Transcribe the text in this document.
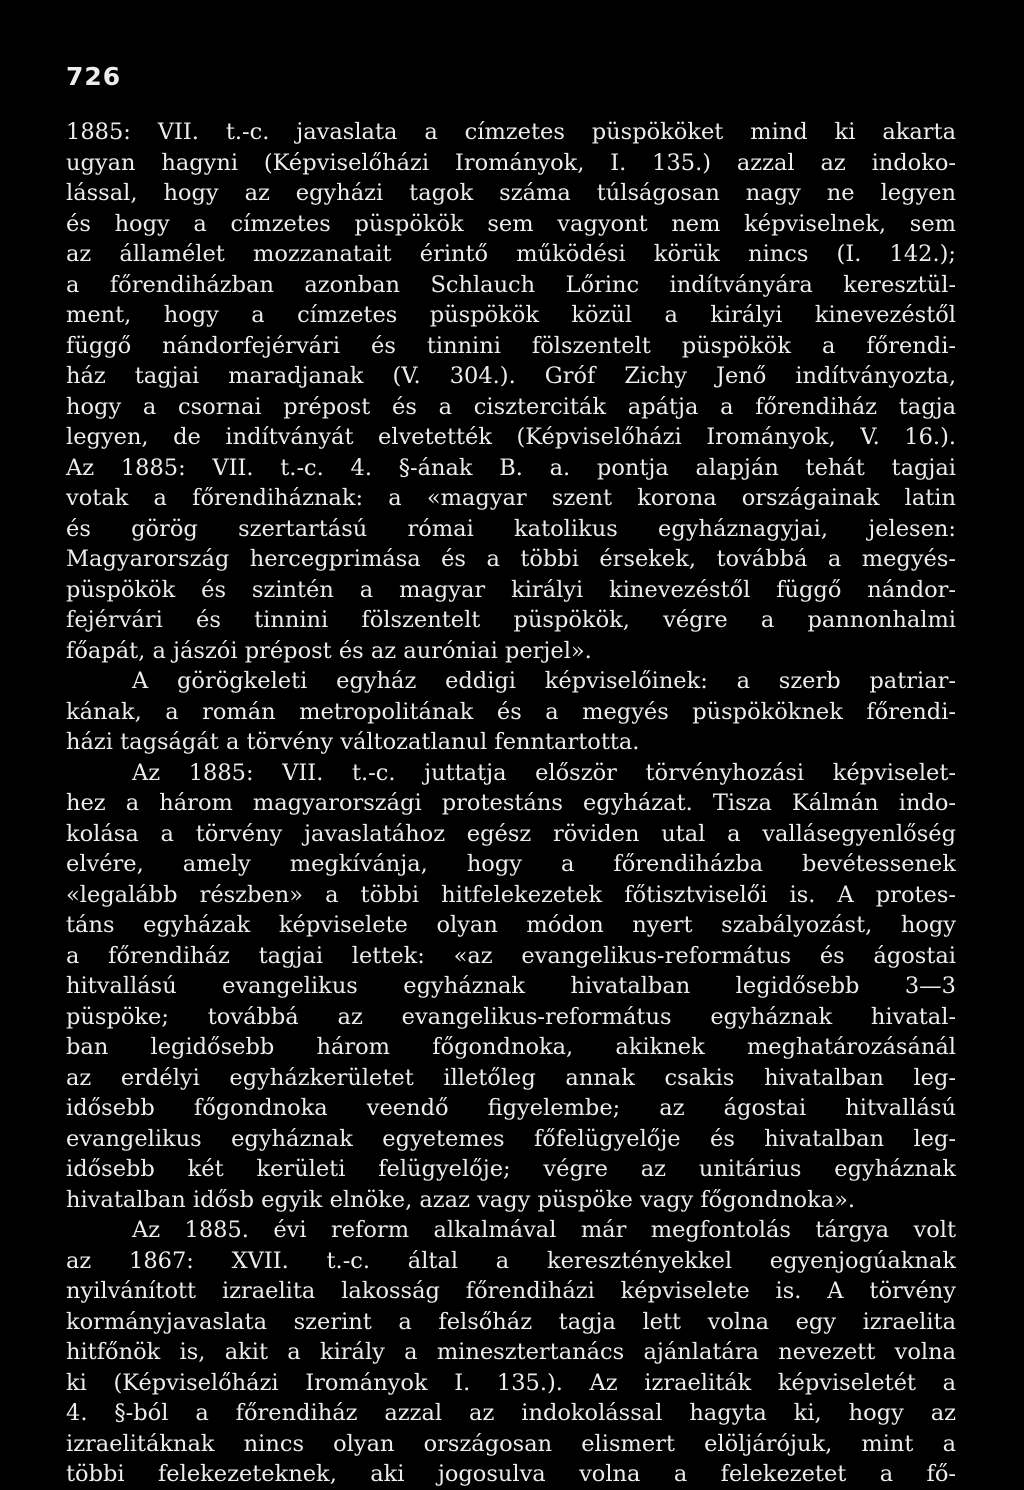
726
1885: VII. t.-c. javaslata a címzetes püspököket mind ki akarta
ugyan hagyni (Képviselőházi Irományok, I. 135.) azzal az indoko-
lással, hogy az egyházi tagok száma túlságosan nagy ne legyen
és hogy a címzetes püspökök sem vagyont nem képviselnek, sem
az államélet mozzanatait érintő működési körük nincs (I. 142.);
a főrendiházban azonban Schlauch Lőrinc indítványára keresztül-
ment, hogy a címzetes püspökök közül a királyi kinevezéstől
függő nándorfejérvári és tinnini fölszentelt püspökök a főrendi-
ház tagjai maradjanak (V. 304.). Gróf Zichy Jenő indítványozta,
hogy a csornai prépost és a ciszterciták apátja a főrendiház tagja
legyen, de indítványát elvetették (Képviselőházi Irományok, V. 16.).
Az 1885: VII. t.-c. 4. §-ának B. a. pontja alapján tehát tagjai
votak a főrendiháznak: a «magyar szent korona országainak latin
és görög szertartású római katolikus egyháznagyjai, jelesen:
Magyarország hercegprimása és a többi érsekek, továbbá a megyés-
püspökök és szintén a magyar királyi kinevezéstől függő nándor-
fejérvári és tinnini fölszentelt püspökök, végre a pannonhalmi
főapát, a jászói prépost és az auróniai perjel».
A görögkeleti egyház eddigi képviselőinek: a szerb patriar-
kának, a román metropolitának és a megyés püspököknek főrendi-
házi tagságát a törvény változatlanul fenntartotta.
Az 1885: VII. t.-c. juttatja először törvényhozási képviselet-
hez a három magyarországi protestáns egyházat. Tisza Kálmán indo-
kolása a törvény javaslatához egész röviden utal a vallásegyenlőség
elvére, amely megkívánja, hogy a főrendiházba bevétessenek
«legalább részben» a többi hitfelekezetek főtisztviselői is. A protes-
táns egyházak képviselete olyan módon nyert szabályozást, hogy
a főrendiház tagjai lettek: «az evangelikus-református és ágostai
hitvallású evangelikus egyháznak hivatalban legidősebb 3—3
püspöke; továbbá az evangelikus-református egyháznak hivatal-
ban legidősebb három főgondnoka, akiknek meghatározásánál
az erdélyi egyházkerületet illetőleg annak csakis hivatalban leg-
idősebb főgondnoka veendő figyelembe; az ágostai hitvallású
evangelikus egyháznak egyetemes főfelügyelője és hivatalban leg-
idősebb két kerületi felügyelője; végre az unitárius egyháznak
hivatalban idősb egyik elnöke, azaz vagy püspöke vagy főgondnoka».
Az 1885. évi reform alkalmával már megfontolás tárgya volt
az 1867: XVII. t.-c. által a keresztényekkel egyenjogúaknak
nyilvánított izraelita lakosság főrendiházi képviselete is. A törvény
kormányjavaslata szerint a felsőház tagja lett volna egy izraelita
hitfőnök is, akit a király a minesztertanács ajánlatára nevezett volna
ki (Képviselőházi Irományok I. 135.). Az izraeliták képviseletét a
4. §-ból a főrendiház azzal az indokolással hagyta ki, hogy az
izraelitáknak nincs olyan országosan elismert elöljárójuk, mint a
többi felekezeteknek, aki jogosulva volna a felekezetet a fő-
